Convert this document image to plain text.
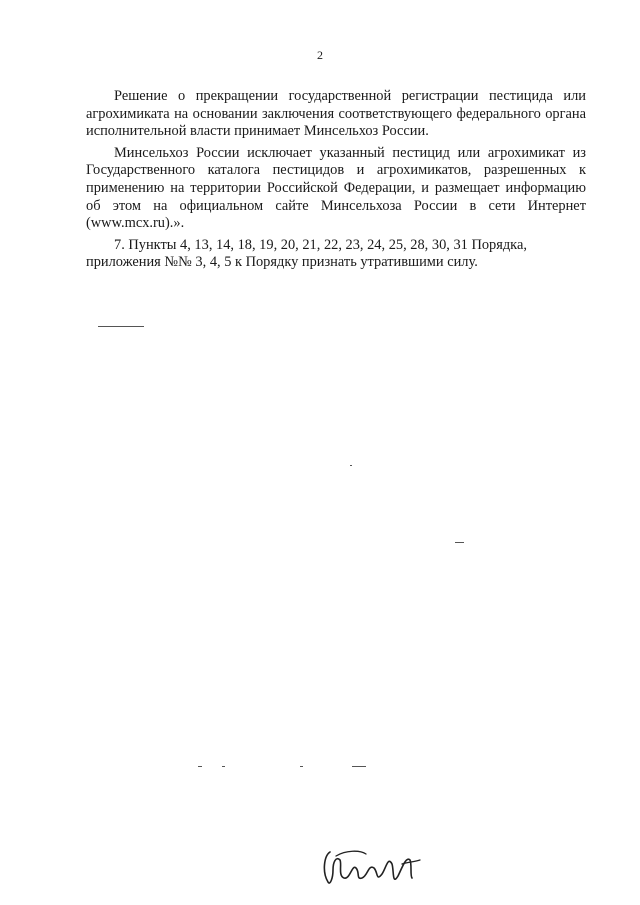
2

Решение о прекращении государственной регистрации пестицида или агрохимиката на основании заключения соответствующего федерального органа исполнительной власти принимает Минсельхоз России.

Минсельхоз России исключает указанный пестицид или агрохимикат из Государственного каталога пестицидов и агрохимикатов, разрешенных к применению на территории Российской Федерации, и размещает информацию об этом на официальном сайте Минсельхоза России в сети Интернет (www.mcx.ru).».

7. Пункты 4, 13, 14, 18, 19, 20, 21, 22, 23, 24, 25, 28, 30, 31 Порядка, приложения №№ 3, 4, 5 к Порядку признать утратившими силу.
